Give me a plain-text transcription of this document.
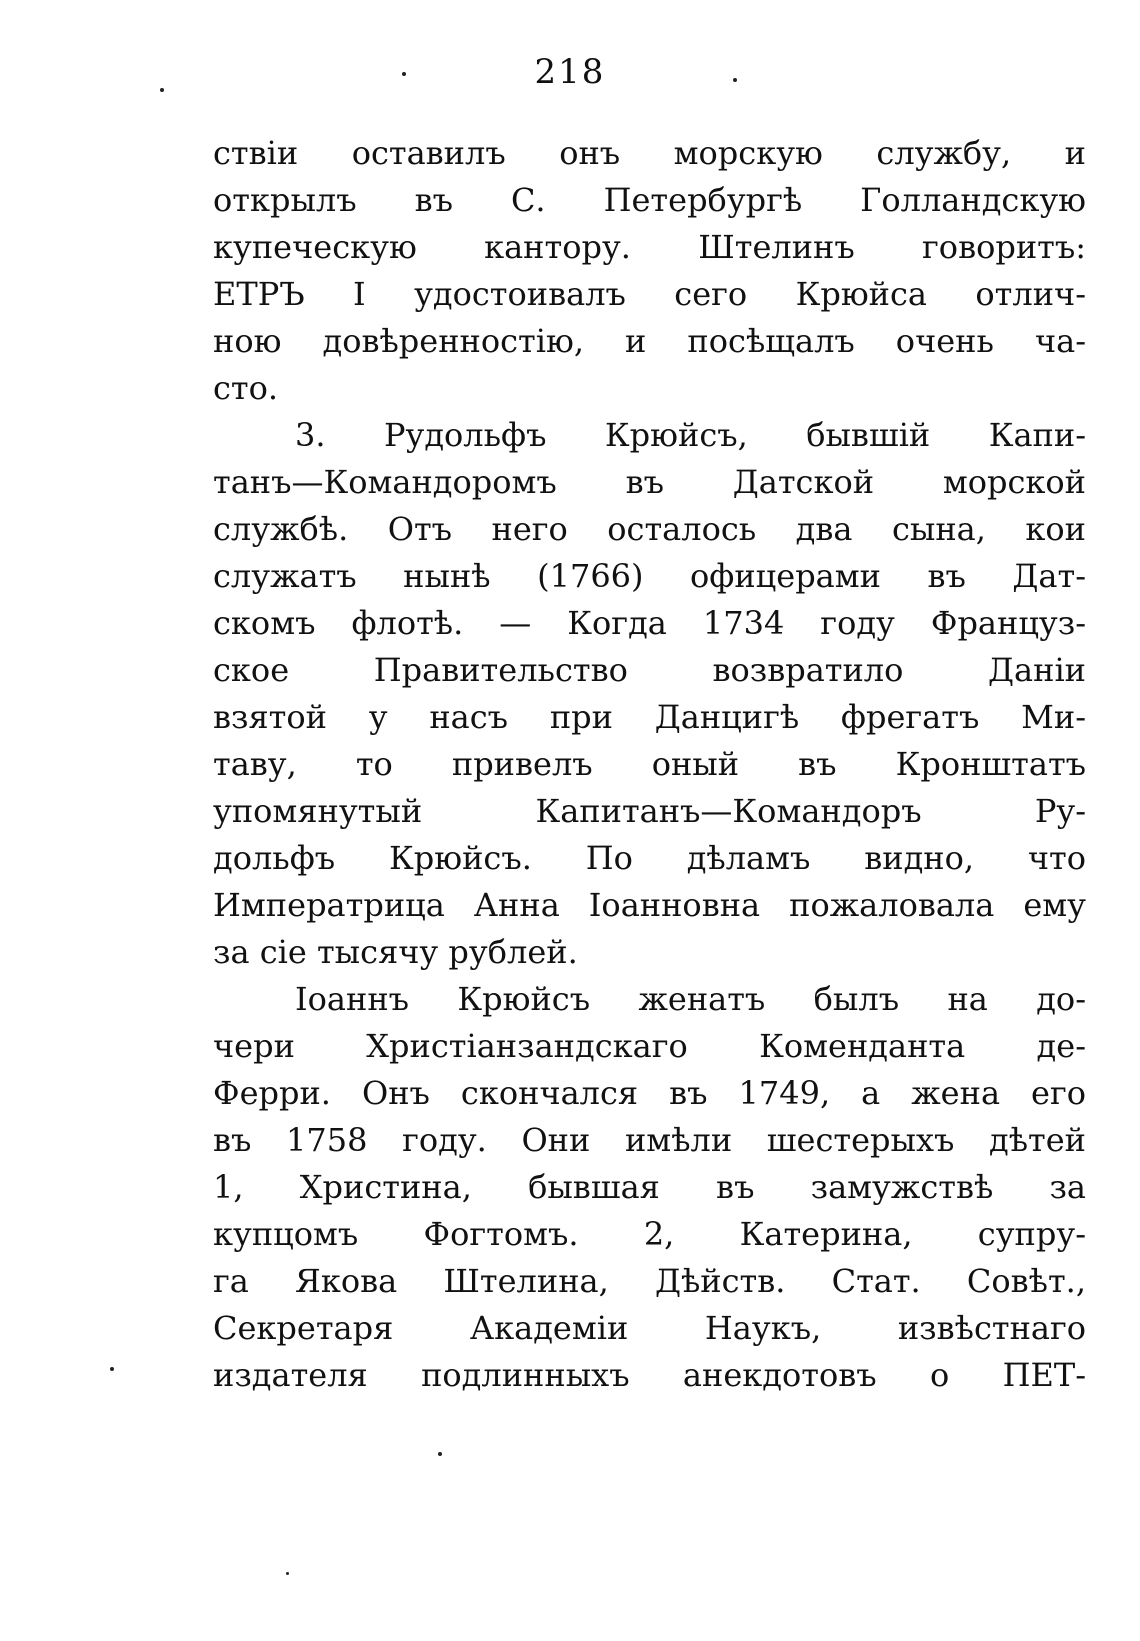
218
ствіи оставилъ онъ морскую службу, и
открылъ въ С. Петербургѣ Голландскую
купеческую кантору. Штелинъ говоритъ:
ЕТРЪ I удостоивалъ сего Крюйса отлич-
ною довѣренностію, и посѣщалъ очень ча-
сто.
3. Рудольфъ Крюйсъ, бывшій Капи-
танъ—Командоромъ въ Датской морской
службѣ. Отъ него осталось два сына, кои
служатъ нынѣ (1766) офицерами въ Дат-
скомъ флотѣ. — Когда 1734 году Француз-
ское Правительство возвратило Даніи
взятой у насъ при Данцигѣ фрегатъ Ми-
таву, то привелъ оный въ Кронштатъ
упомянутый Капитанъ—Командоръ Ру-
дольфъ Крюйсъ. По дѣламъ видно, что
Императрица Анна Іоанновна пожаловала ему
за сіе тысячу рублей.
Іоаннъ Крюйсъ женатъ былъ на до-
чери Христіанзандскаго Коменданта де-
Ферри. Онъ скончался въ 1749, а жена его
въ 1758 году. Они имѣли шестерыхъ дѣтей
1, Христина, бывшая въ замужствѣ за
купцомъ Фогтомъ. 2, Катерина, супру-
га Якова Штелина, Дѣйств. Стат. Совѣт.,
Секретаря Академіи Наукъ, извѣстнаго
издателя подлинныхъ анекдотовъ о ПЕТ-
